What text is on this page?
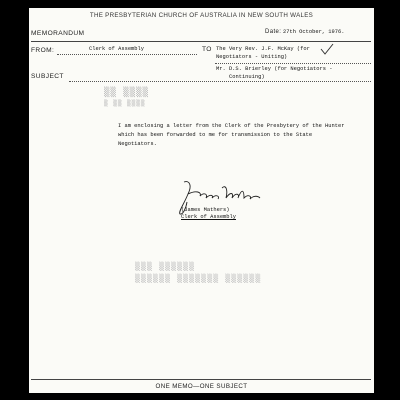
THE PRESBYTERIAN CHURCH OF AUSTRALIA IN NEW SOUTH WALES
MEMORANDUM	Date: 27th October, 1976.
FROM:	Clerk of Assembly	TO The Very Rev. J.F. McKay (for
Negotiators - Uniting)
Mr. D.S. Brierley (for Negotiators -
Continuing)
SUBJECT
▒▒ ▒▒▒▒
▒ ▒▒ ▒▒▒▒
I am enclosing a letter from the Clerk of the Presbytery of the Hunter
which has been forwarded to me for transmission to the State
Negotiators.
(James Mathers)
Clerk of Assembly
▒▒▒ ▒▒▒▒▒▒
▒▒▒▒▒▒ ▒▒▒▒▒▒▒ ▒▒▒▒▒▒
ONE MEMO—ONE SUBJECT
